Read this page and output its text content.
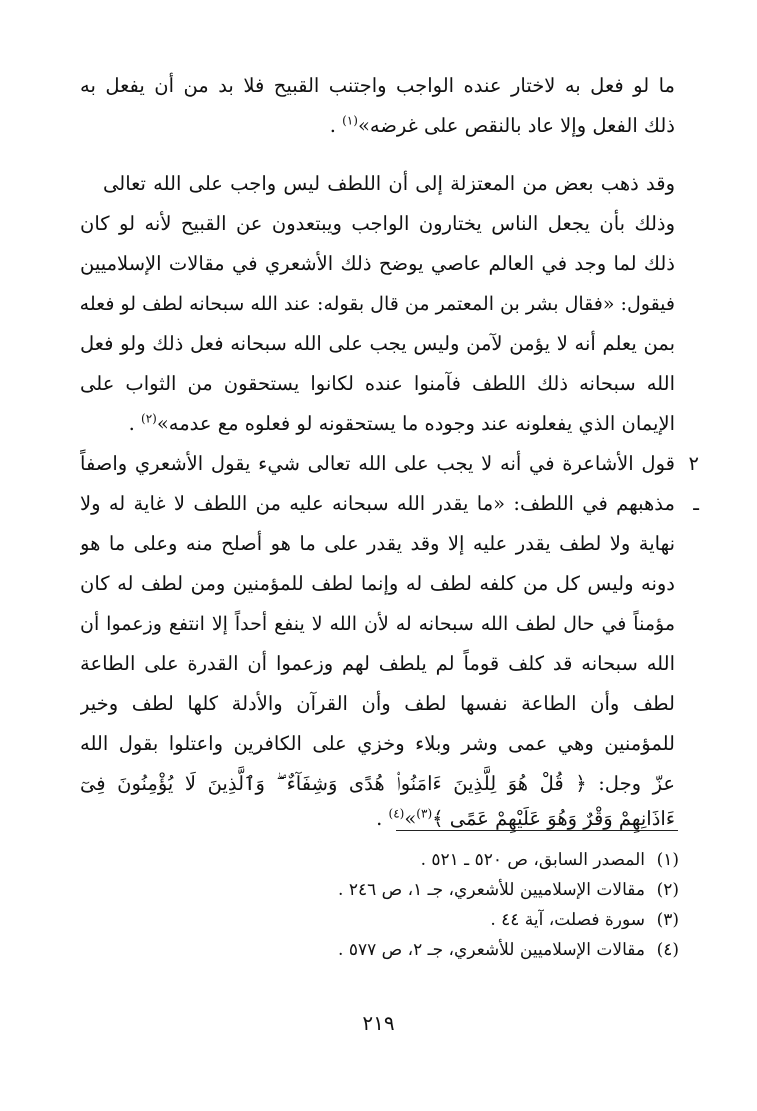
ما لو فعل به لاختار عنده الواجب واجتنب القبيح فلا بد من أن يفعل به
ذلك الفعل وإلا عاد بالنقص على غرضه»$^{(١)}$ .
وقد ذهب بعض من المعتزلة إلى أن اللطف ليس واجب على الله تعالى
وذلك بأن يجعل الناس يختارون الواجب ويبتعدون عن القبيح لأنه لو كان
ذلك لما وجد في العالم عاصي يوضح ذلك الأشعري في مقالات الإسلاميين
فيقول: «فقال بشر بن المعتمر من قال بقوله: عند الله سبحانه لطف لو فعله
بمن يعلم أنه لا يؤمن لآمن وليس يجب على الله سبحانه فعل ذلك ولو فعل
الله سبحانه ذلك اللطف فآمنوا عنده لكانوا يستحقون من الثواب على
الإيمان الذي يفعلونه عند وجوده ما يستحقونه لو فعلوه مع عدمه»$^{(٢)}$ .
٢ ـ
قول الأشاعرة في أنه لا يجب على الله تعالى شيء يقول الأشعري واصفاً
مذهبهم في اللطف: «ما يقدر الله سبحانه عليه من اللطف لا غاية له ولا
نهاية ولا لطف يقدر عليه إلا وقد يقدر على ما هو أصلح منه وعلى ما هو
دونه وليس كل من كلفه لطف له وإنما لطف للمؤمنين ومن لطف له كان
مؤمناً في حال لطف الله سبحانه له لأن الله لا ينفع أحداً إلا انتفع وزعموا أن
الله سبحانه قد كلف قوماً لم يلطف لهم وزعموا أن القدرة على الطاعة
لطف وأن الطاعة نفسها لطف وأن القرآن والأدلة كلها لطف وخير
للمؤمنين وهي عمى وشر وبلاء وخزي على الكافرين واعتلوا بقول الله
عزّ وجل: ﴿ قُلْ هُوَ لِلَّذِينَ ءَامَنُوا۟ هُدًى وَشِفَآءٌ ۖ وَٱلَّذِينَ لَا يُؤْمِنُونَ فِىٓ
ءَاذَانِهِمْ وَقْرٌ وَهُوَ عَلَيْهِمْ عَمًى ﴾$^{(٣)}$»$^{(٤)}$ .
(١)المصدر السابق، ص ٥٢٠ ـ ٥٢١ .
(٢)مقالات الإسلاميين للأشعري، جـ ١، ص ٢٤٦ .
(٣)سورة فصلت، آية ٤٤ .
(٤)مقالات الإسلاميين للأشعري، جـ ٢، ص ٥٧٧ .
٢١٩
